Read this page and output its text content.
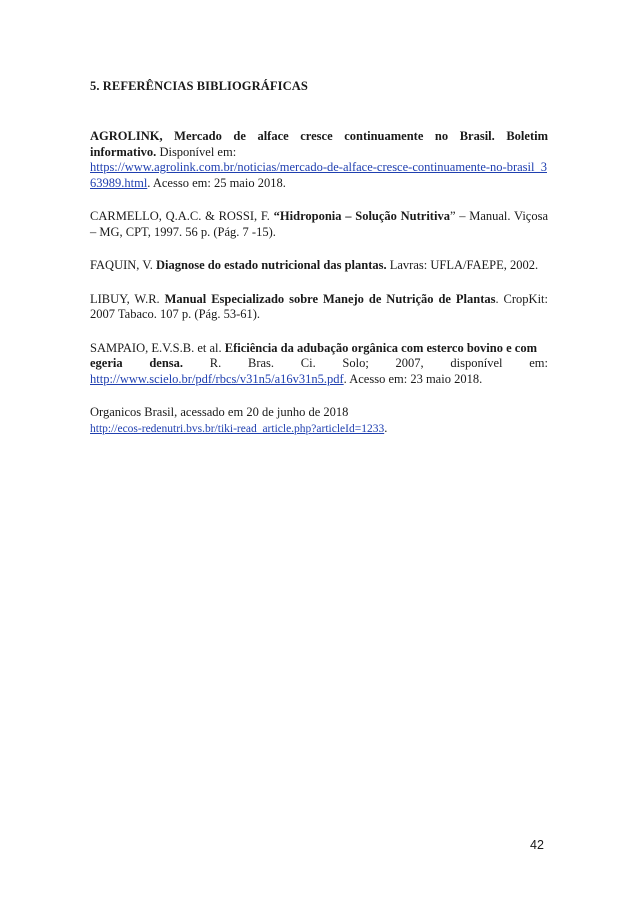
5. REFERÊNCIAS BIBLIOGRÁFICAS

AGROLINK, Mercado de alface cresce continuamente no Brasil. Boletim informativo. Disponível em:
https://www.agrolink.com.br/noticias/mercado-de-alface-cresce-continuamente-no-brasil_363989.html. Acesso em: 25 maio 2018.

CARMELLO, Q.A.C. & ROSSI, F. “Hidroponia – Solução Nutritiva” – Manual. Viçosa – MG, CPT, 1997. 56 p. (Pág. 7 -15).

FAQUIN, V. Diagnose do estado nutricional das plantas. Lavras: UFLA/FAEPE, 2002.

LIBUY, W.R. Manual Especializado sobre Manejo de Nutrição de Plantas. CropKit: 2007 Tabaco. 107 p. (Pág. 53-61).

SAMPAIO, E.V.S.B. et al. Eficiência da adubação orgânica com esterco bovino e com
egeria densa. R. Bras. Ci. Solo; 2007, disponível em:
http://www.scielo.br/pdf/rbcs/v31n5/a16v31n5.pdf. Acesso em: 23 maio 2018.

Organicos Brasil, acessado em 20 de junho de 2018
http://ecos-redenutri.bvs.br/tiki-read_article.php?articleId=1233.

42
